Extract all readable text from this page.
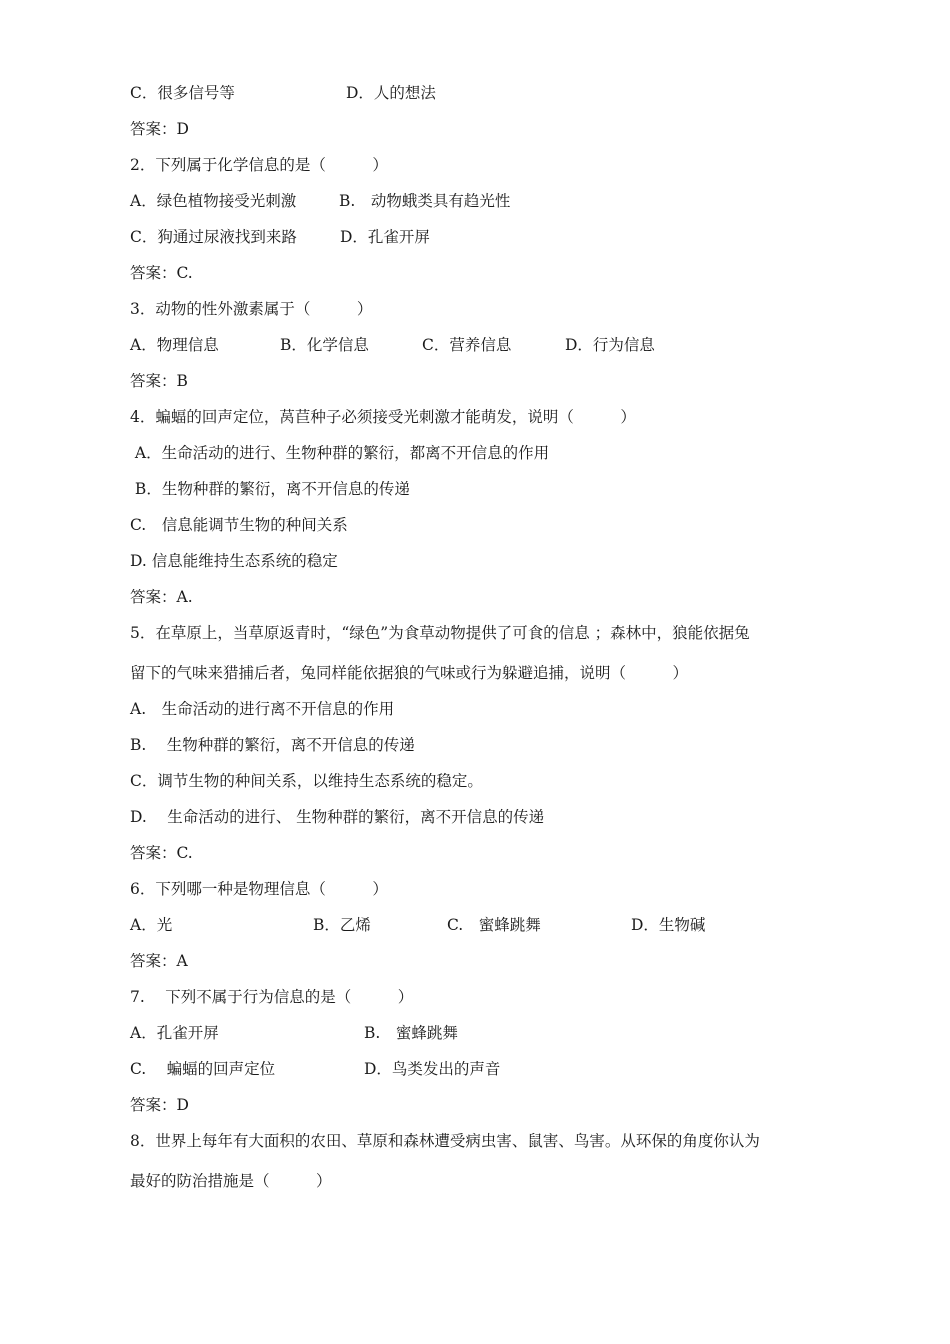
C．很多信号等

	D．人的想法

答案：D

2．下列属于化学信息的是（　　　）

A．绿色植物接受光刺激

	B.　动物蛾类具有趋光性

C．狗通过尿液找到来路

	D．孔雀开屏

答案：C.

3．动物的性外激素属于（　　　）

A．物理信息

	B．化学信息

	C．营养信息

	D．行为信息

答案：B

4．蝙蝠的回声定位，莴苣种子必须接受光刺激才能萌发，说明（　　　）

A．生命活动的进行、生物种群的繁衍，都离不开信息的作用

B．生物种群的繁衍，离不开信息的传递

C.　信息能调节生物的种间关系

D. 信息能维持生态系统的稳定

答案：A.

5．在草原上，当草原返青时，“绿色”为食草动物提供了可食的信息 ；森林中，狼能依据兔

留下的气味来猎捕后者，兔同样能依据狼的气味或行为躲避追捕，说明（　　　）

A.　生命活动的进行离不开信息的作用

B.　 生物种群的繁衍，离不开信息的传递

C．调节生物的种间关系，以维持生态系统的稳定。

D.　 生命活动的进行、 生物种群的繁衍，离不开信息的传递

答案：C.

6．下列哪一种是物理信息（　　　）

A．光

	B．乙烯

	C.　蜜蜂跳舞

	D．生物碱

答案：A

7.　 下列不属于行为信息的是（　　　）

A．孔雀开屏

	B.　蜜蜂跳舞

C.　 蝙蝠的回声定位

	D．鸟类发出的声音

答案：D

8．世界上每年有大面积的农田、草原和森林遭受病虫害、鼠害、鸟害。从环保的角度你认为

最好的防治措施是（　　　）
